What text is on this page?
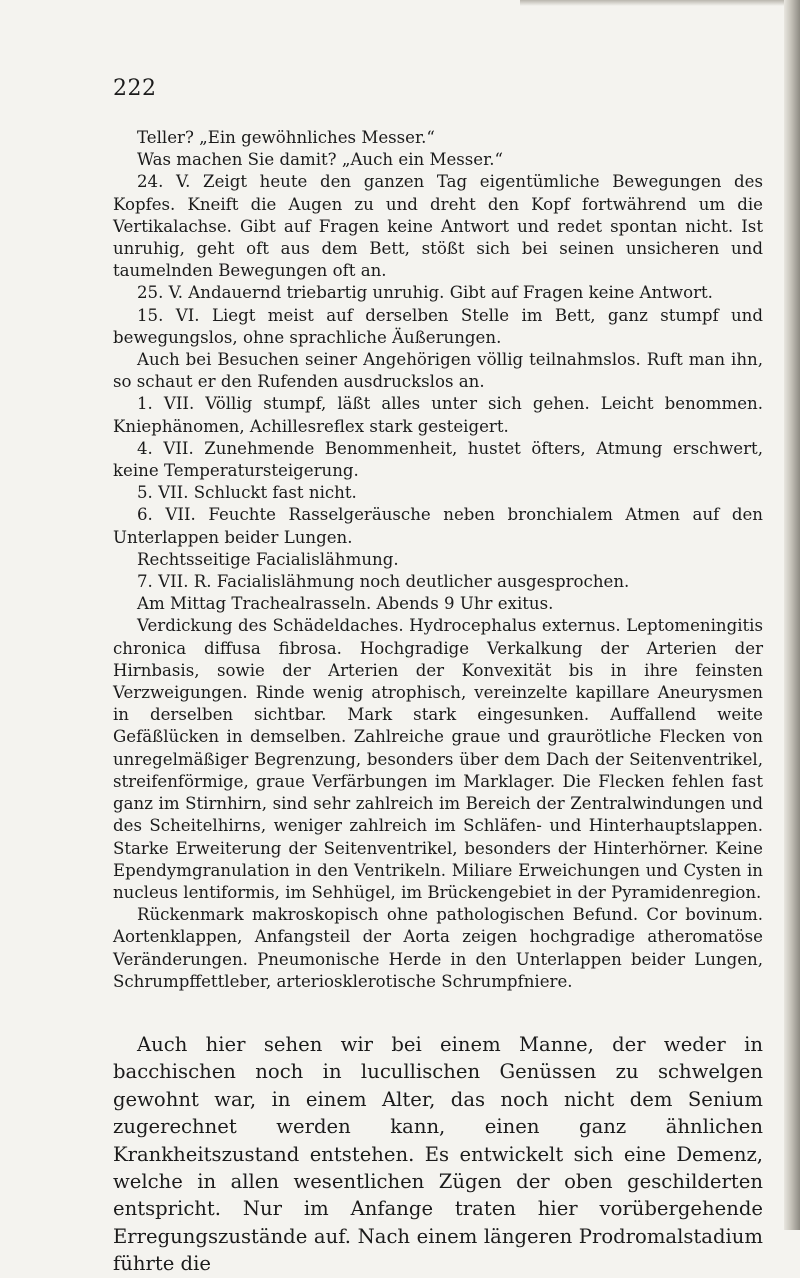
222

Teller? „Ein gewöhnliches Messer.“

Was machen Sie damit? „Auch ein Messer.“

24. V. Zeigt heute den ganzen Tag eigentümliche Bewegungen des Kopfes. Kneift die Augen zu und dreht den Kopf fortwährend um die Vertikalachse. Gibt auf Fragen keine Antwort und redet spontan nicht. Ist unruhig, geht oft aus dem Bett, stößt sich bei seinen unsicheren und taumelnden Bewegungen oft an.

25. V. Andauernd triebartig unruhig. Gibt auf Fragen keine Antwort.

15. VI. Liegt meist auf derselben Stelle im Bett, ganz stumpf und bewegungslos, ohne sprachliche Äußerungen.

Auch bei Besuchen seiner Angehörigen völlig teilnahmslos. Ruft man ihn, so schaut er den Rufenden ausdruckslos an.

1. VII. Völlig stumpf, läßt alles unter sich gehen. Leicht benommen. Kniephänomen, Achillesreflex stark gesteigert.

4. VII. Zunehmende Benommenheit, hustet öfters, Atmung erschwert, keine Temperatursteigerung.

5. VII. Schluckt fast nicht.

6. VII. Feuchte Rasselgeräusche neben bronchialem Atmen auf den Unterlappen beider Lungen.

Rechtsseitige Facialislähmung.

7. VII. R. Facialislähmung noch deutlicher ausgesprochen.

Am Mittag Trachealrasseln. Abends 9 Uhr exitus.

Verdickung des Schädeldaches. Hydrocephalus externus. Leptomeningitis chronica diffusa fibrosa. Hochgradige Verkalkung der Arterien der Hirnbasis, sowie der Arterien der Konvexität bis in ihre feinsten Verzweigungen. Rinde wenig atrophisch, vereinzelte kapillare Aneurysmen in derselben sichtbar. Mark stark eingesunken. Auffallend weite Gefäßlücken in demselben. Zahlreiche graue und graurötliche Flecken von unregelmäßiger Begrenzung, besonders über dem Dach der Seitenventrikel, streifenförmige, graue Verfärbungen im Marklager. Die Flecken fehlen fast ganz im Stirnhirn, sind sehr zahlreich im Bereich der Zentralwindungen und des Scheitelhirns, weniger zahlreich im Schläfen- und Hinterhauptslappen. Starke Erweiterung der Seitenventrikel, besonders der Hinterhörner. Keine Ependymgranulation in den Ventrikeln. Miliare Erweichungen und Cysten in nucleus lentiformis, im Sehhügel, im Brückengebiet in der Pyramidenregion.

Rückenmark makroskopisch ohne pathologischen Befund. Cor bovinum. Aortenklappen, Anfangsteil der Aorta zeigen hochgradige atheromatöse Veränderungen. Pneumonische Herde in den Unterlappen beider Lungen, Schrumpffettleber, arteriosklerotische Schrumpfniere.

Auch hier sehen wir bei einem Manne, der weder in bacchischen noch in lucullischen Genüssen zu schwelgen gewohnt war, in einem Alter, das noch nicht dem Senium zugerechnet werden kann, einen ganz ähnlichen Krankheitszustand entstehen. Es entwickelt sich eine Demenz, welche in allen wesentlichen Zügen der oben geschilderten entspricht. Nur im Anfange traten hier vorübergehende Erregungszustände auf. Nach einem längeren Prodromalstadium führte die
